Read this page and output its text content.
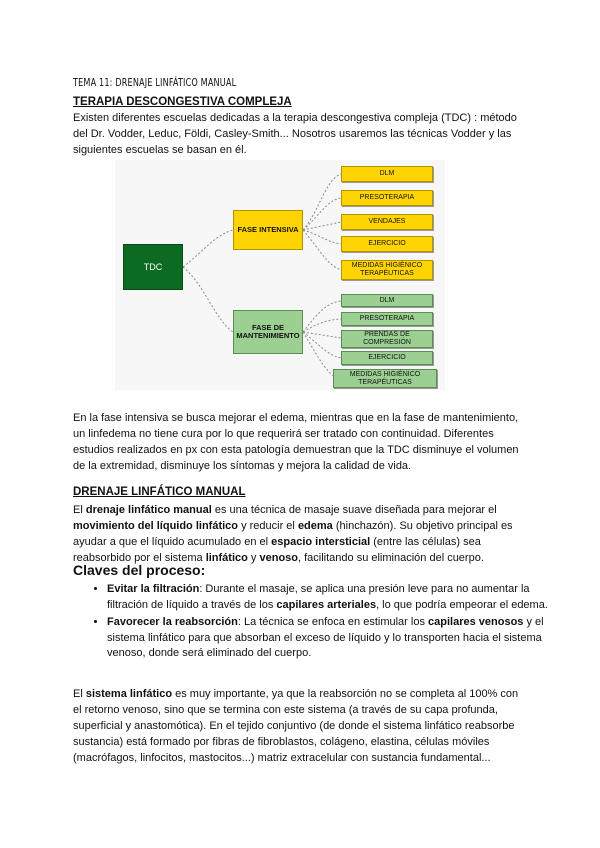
TEMA 11: DRENAJE LINFÁTICO MANUAL
TERAPIA DESCONGESTIVA COMPLEJA

Existen diferentes escuelas dedicadas a la terapia descongestiva compleja (TDC) : método del Dr. Vodder, Leduc, Földi, Casley-Smith... Nosotros usaremos las técnicas Vodder y las siguientes escuelas se basan en él.

TDC
FASE INTENSIVA
FASE DE MANTENIMIENTO
DLM
PRESOTERAPIA
VENDAJES
EJERCICIO
MEDIDAS HIGIÉNICO TERAPÉUTICAS
DLM
PRESOTERAPIA
PRENDAS DE COMPRESIÓN
EJERCICIO
MEDIDAS HIGIÉNICO TERAPÉUTICAS

En la fase intensiva se busca mejorar el edema, mientras que en la fase de mantenimiento, un linfedema no tiene cura por lo que requerirá ser tratado con continuidad. Diferentes estudios realizados en px con esta patología demuestran que la TDC disminuye el volumen de la extremidad, disminuye los síntomas y mejora la calidad de vida.

DRENAJE LINFÁTICO MANUAL

El drenaje linfático manual es una técnica de masaje suave diseñada para mejorar el movimiento del líquido linfático y reducir el edema (hinchazón). Su objetivo principal es ayudar a que el líquido acumulado en el espacio intersticial (entre las células) sea reabsorbido por el sistema linfático y venoso, facilitando su eliminación del cuerpo.

Claves del proceso:
• Evitar la filtración: Durante el masaje, se aplica una presión leve para no aumentar la filtración de líquido a través de los capilares arteriales, lo que podría empeorar el edema.
• Favorecer la reabsorción: La técnica se enfoca en estimular los capilares venosos y el sistema linfático para que absorban el exceso de líquido y lo transporten hacia el sistema venoso, donde será eliminado del cuerpo.

El sistema linfático es muy importante, ya que la reabsorción no se completa al 100% con el retorno venoso, sino que se termina con este sistema (a través de su capa profunda, superficial y anastomótica). En el tejido conjuntivo (de donde el sistema linfático reabsorbe sustancia) está formado por fibras de fibroblastos, colágeno, elastina, células móviles (macrófagos, linfocitos, mastocitos...) matriz extracelular con sustancia fundamental...
